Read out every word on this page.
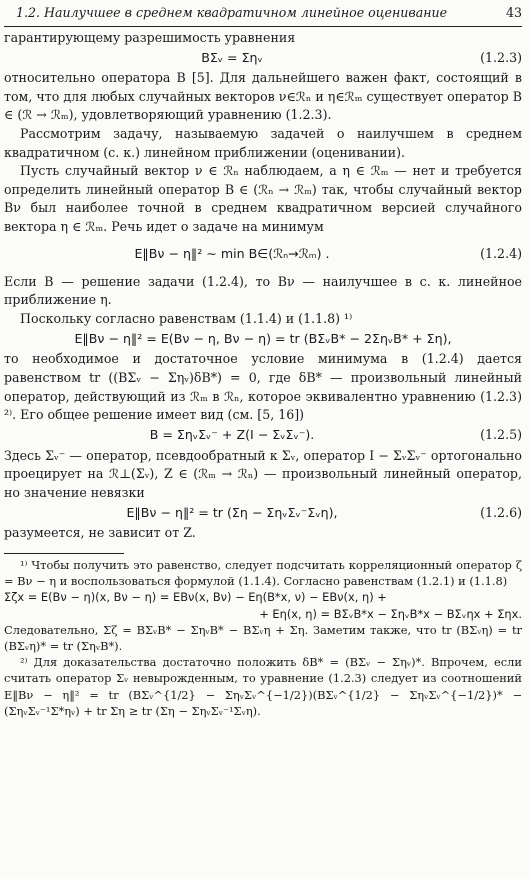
1.2. Наилучшее в среднем квадратичном линейное оценивание	43

гарантирующему разрешимость уравнения

BΣᵥ = Σηᵥ	(1.2.3)

относительно оператора B [5]. Для дальнейшего важен факт, состоящий в том, что для любых случайных векторов ν∈ℛₙ и η∈ℛₘ существует оператор B ∈ (ℛ → ℛₘ), удовлетворяющий уравнению (1.2.3).

Рассмотрим задачу, называемую задачей о наилучшем в среднем квадратичном (с. к.) линейном приближении (оценивании).

Пусть случайный вектор ν ∈ ℛₙ наблюдаем, а η ∈ ℛₘ — нет и требуется определить линейный оператор B ∈ (ℛₙ → ℛₘ) так, чтобы случайный вектор Bν был наиболее точной в среднем квадратичном версией случайного вектора η ∈ ℛₘ. Речь идет о задаче на минимум

E‖Bν − η‖² ∼ min B∈(ℛₙ→ℛₘ) .	(1.2.4)

Если B — решение задачи (1.2.4), то Bν — наилучшее в с. к. линейное приближение η.

Поскольку согласно равенствам (1.1.4) и (1.1.8) ¹⁾

E‖Bν − η‖² = E(Bν − η, Bν − η) = tr (BΣᵥB* − 2ΣηᵥB* + Ση),

то необходимое и достаточное условие минимума в (1.2.4) дается равенством tr ((BΣᵥ − Σηᵥ)δB*) = 0, где δB* — произвольный линейный оператор, действующий из ℛₘ в ℛₙ, которое эквивалентно уравнению (1.2.3) ²⁾. Его общее решение имеет вид (см. [5, 16])

B = ΣηᵥΣᵥ⁻ + Z(I − ΣᵥΣᵥ⁻).	(1.2.5)

Здесь Σᵥ⁻ — оператор, псевдообратный к Σᵥ, оператор I − ΣᵥΣᵥ⁻ ортогонально проецирует на ℛ⊥(Σᵥ), Z ∈ (ℛₘ → ℛₙ) — произвольный линейный оператор, но значение невязки

E‖Bν − η‖² = tr (Ση − ΣηᵥΣᵥ⁻Σᵥη),	(1.2.6)

разумеется, не зависит от Z.

¹⁾ Чтобы получить это равенство, следует подсчитать корреляционный оператор ζ = Bν − η и воспользоваться формулой (1.1.4). Согласно равенствам (1.2.1) и (1.1.8)

Σζx = E(Bν − η)(x, Bν − η) = EBν(x, Bν) − Eη(B*x, ν) − EBν(x, η) +

+ Eη(x, η) = BΣᵥB*x − ΣηᵥB*x − BΣᵥηx + Σηx.

Следовательно, Σζ = BΣᵥB* − ΣηᵥB* − BΣᵥη + Ση. Заметим также, что tr (BΣᵥη) = tr (BΣᵥη)* = tr (ΣηᵥB*).

²⁾ Для доказательства достаточно положить δB* = (BΣᵥ − Σηᵥ)*. Впрочем, если считать оператор Σᵥ невырожденным, то уравнение (1.2.3) следует из соотношений E‖Bν − η‖² = tr (BΣᵥ^{1/2} − ΣηᵥΣᵥ^{−1/2})(BΣᵥ^{1/2} − ΣηᵥΣᵥ^{−1/2})* − (ΣηᵥΣᵥ⁻¹Σ*ηᵥ) + tr Ση ≥ tr (Ση − ΣηᵥΣᵥ⁻¹Σᵥη).
